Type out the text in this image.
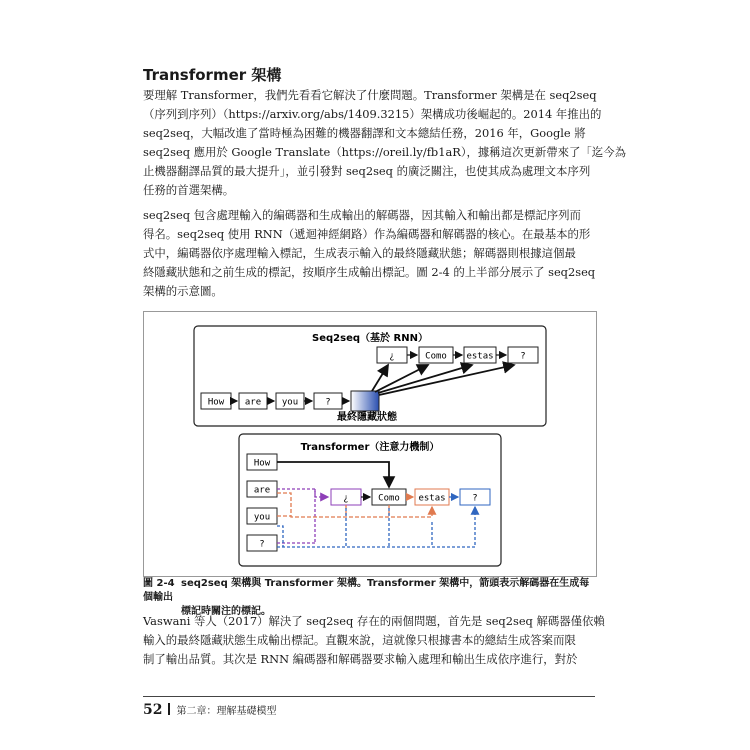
Transformer 架構
要理解 Transformer，我們先看看它解決了什麼問題。Transformer 架構是在 seq2seq
（序列到序列）（https://arxiv.org/abs/1409.3215）架構成功後崛起的。2014 年推出的
seq2seq，大幅改進了當時極為困難的機器翻譯和文本總結任務，2016 年，Google 將
seq2seq 應用於 Google Translate（https://oreil.ly/fb1aR），據稱這次更新帶來了「迄今為
止機器翻譯品質的最大提升」，並引發對 seq2seq 的廣泛關注，也使其成為處理文本序列
任務的首選架構。
seq2seq 包含處理輸入的編碼器和生成輸出的解碼器，因其輸入和輸出都是標記序列而
得名。seq2seq 使用 RNN（遞迴神經網路）作為編碼器和解碼器的核心。在最基本的形
式中，編碼器依序處理輸入標記，生成表示輸入的最終隱藏狀態；解碼器則根據這個最
終隱藏狀態和之前生成的標記，按順序生成輸出標記。圖 2-4 的上半部分展示了 seq2seq
架構的示意圖。
Seq2seq（基於 RNN）
¿	Como estas	?
How are you	?
最終隱藏狀態
Transformer（注意力機制）
How
are
you
?
¿	Como estas	?
圖 2-4 seq2seq 架構與 Transformer 架構。Transformer 架構中，箭頭表示解碼器在生成每個輸出
標記時關注的標記。
Vaswani 等人（2017）解決了 seq2seq 存在的兩個問題，首先是 seq2seq 解碼器僅依賴
輸入的最終隱藏狀態生成輸出標記。直觀來說，這就像只根據書本的總結生成答案而限
制了輸出品質。其次是 RNN 編碼器和解碼器要求輸入處理和輸出生成依序進行，對於
52 第二章：理解基礎模型
